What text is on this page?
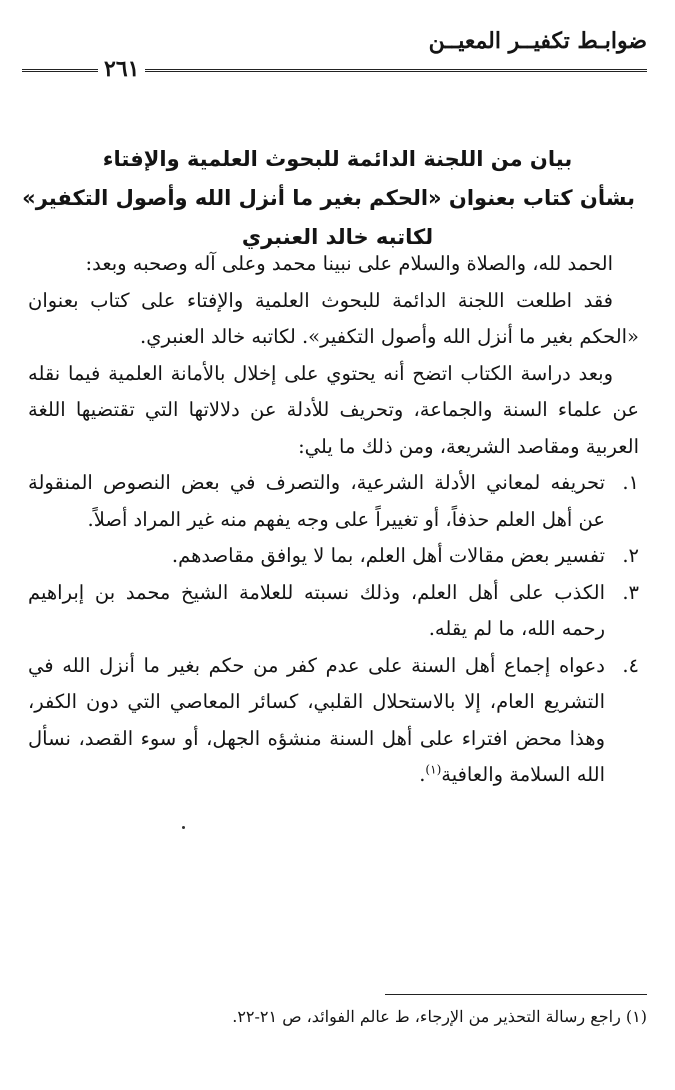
ضوابـط تكفيــر المعيــن
٢٦١
بيان من اللجنة الدائمة للبحوث العلمية والإفتاء
بشأن كتاب بعنوان «الحكم بغير ما أنزل الله وأصول التكفير»
لكاتبه خالد العنبري

الحمد لله، والصلاة والسلام على نبينا محمد وعلى آله وصحبه وبعد:

فقد اطلعت اللجنة الدائمة للبحوث العلمية والإفتاء على كتاب بعنوان «الحكم بغير ما أنزل الله وأصول التكفير». لكاتبه خالد العنبري.

وبعد دراسة الكتاب اتضح أنه يحتوي على إخلال بالأمانة العلمية فيما نقله عن علماء السنة والجماعة، وتحريف للأدلة عن دلالاتها التي تقتضيها اللغة العربية ومقاصد الشريعة، ومن ذلك ما يلي:

١.
تحريفه لمعاني الأدلة الشرعية، والتصرف في بعض النصوص المنقولة عن أهل العلم حذفاً، أو تغييراً على وجه يفهم منه غير المراد أصلاً.
٢.
تفسير بعض مقالات أهل العلم، بما لا يوافق مقاصدهم.
٣.
الكذب على أهل العلم، وذلك نسبته للعلامة الشيخ محمد بن إبراهيم رحمه الله، ما لم يقله.
٤.
دعواه إجماع أهل السنة على عدم كفر من حكم بغير ما أنزل الله في التشريع العام، إلا بالاستحلال القلبي، كسائر المعاصي التي دون الكفر، وهذا محض افتراء على أهل السنة منشؤه الجهل، أو سوء القصد، نسأل الله السلامة والعافية$^{(١)}$.
(١) راجع رسالة التحذير من الإرجاء، ط عالم الفوائد، ص ٢١-٢٢.
